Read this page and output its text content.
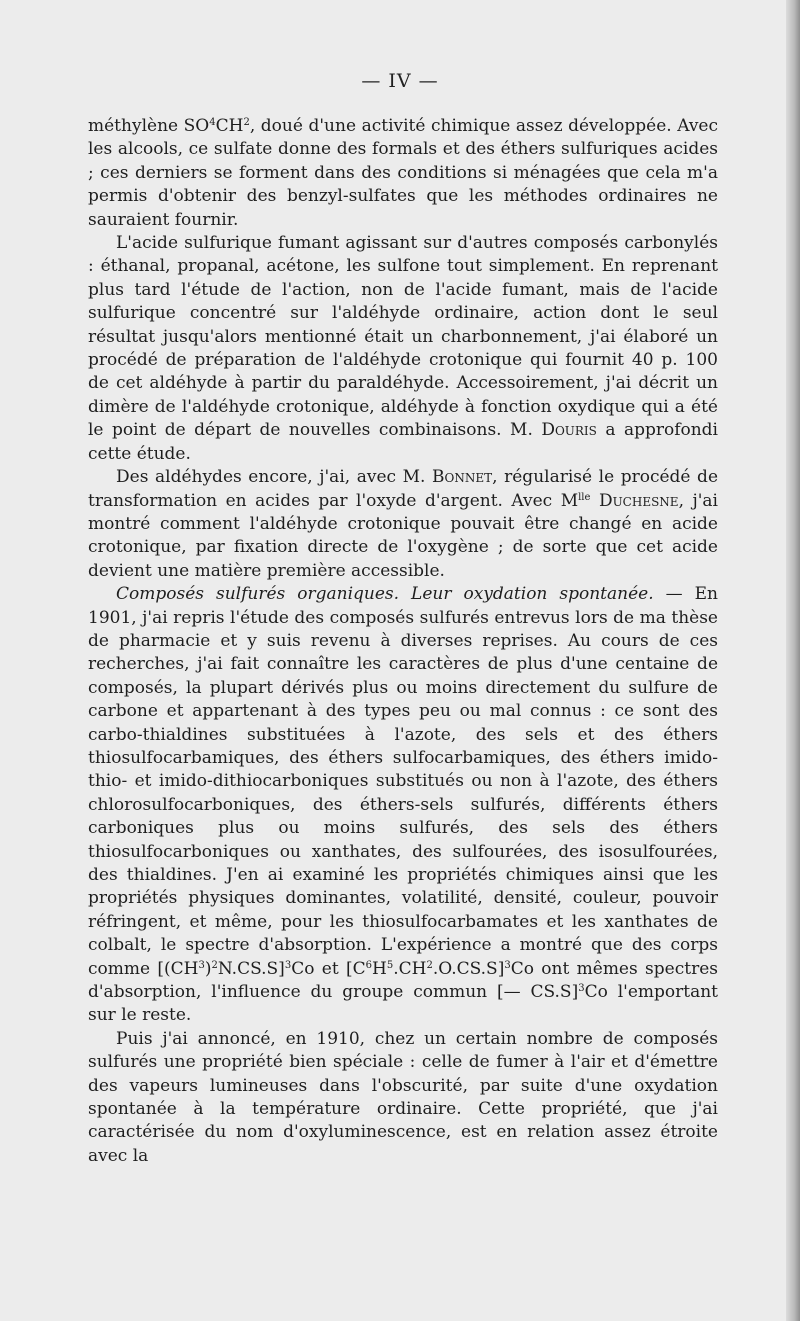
— IV —

méthylène $SO^4CH^2$, doué d'une activité chimique assez développée. Avec les alcools, ce sulfate donne des formals et des éthers sulfuriques acides ; ces derniers se forment dans des conditions si ménagées que cela m'a permis d'obtenir des benzyl-sulfates que les méthodes ordinaires ne sauraient fournir.

L'acide sulfurique fumant agissant sur d'autres composés carbonylés : éthanal, propanal, acétone, les sulfone tout simplement. En reprenant plus tard l'étude de l'action, non de l'acide fumant, mais de l'acide sulfurique concentré sur l'aldéhyde ordinaire, action dont le seul résultat jusqu'alors mentionné était un charbonnement, j'ai élaboré un procédé de préparation de l'aldéhyde crotonique qui fournit 40 p. 100 de cet aldéhyde à partir du paraldéhyde. Accessoirement, j'ai décrit un dimère de l'aldéhyde crotonique, aldéhyde à fonction oxydique qui a été le point de départ de nouvelles combinaisons. M. Douris a approfondi cette étude.

Des aldéhydes encore, j'ai, avec M. Bonnet, régularisé le procédé de transformation en acides par l'oxyde d'argent. Avec $M^{lle}$ Duchesne, j'ai montré comment l'aldéhyde crotonique pouvait être changé en acide crotonique, par fixation directe de l'oxygène ; de sorte que cet acide devient une matière première accessible.

Composés sulfurés organiques. Leur oxydation spontanée. — En 1901, j'ai repris l'étude des composés sulfurés entrevus lors de ma thèse de pharmacie et y suis revenu à diverses reprises. Au cours de ces recherches, j'ai fait connaître les caractères de plus d'une centaine de composés, la plupart dérivés plus ou moins directement du sulfure de carbone et appartenant à des types peu ou mal connus : ce sont des carbo-thialdines substituées à l'azote, des sels et des éthers thiosulfocarbamiques, des éthers sulfocarbamiques, des éthers imido-thio- et imido-dithiocarboniques substitués ou non à l'azote, des éthers chlorosulfocarboniques, des éthers-sels sulfurés, différents éthers carboniques plus ou moins sulfurés, des sels des éthers thiosulfocarboniques ou xanthates, des sulfourées, des isosulfourées, des thialdines. J'en ai examiné les propriétés chimiques ainsi que les propriétés physiques dominantes, volatilité, densité, couleur, pouvoir réfringent, et même, pour les thiosulfocarbamates et les xanthates de colbalt, le spectre d'absorption. L'expérience a montré que des corps comme $[(CH^3)^2N.CS.S]^3Co$ et $[C^6H^5.CH^2.O.CS.S]^3Co$ ont mêmes spectres d'absorption, l'influence du groupe commun [— CS.S]$^3$Co l'emportant sur le reste.

Puis j'ai annoncé, en 1910, chez un certain nombre de composés sulfurés une propriété bien spéciale : celle de fumer à l'air et d'émettre des vapeurs lumineuses dans l'obscurité, par suite d'une oxydation spontanée à la température ordinaire. Cette propriété, que j'ai caractérisée du nom d'oxyluminescence, est en relation assez étroite avec la
